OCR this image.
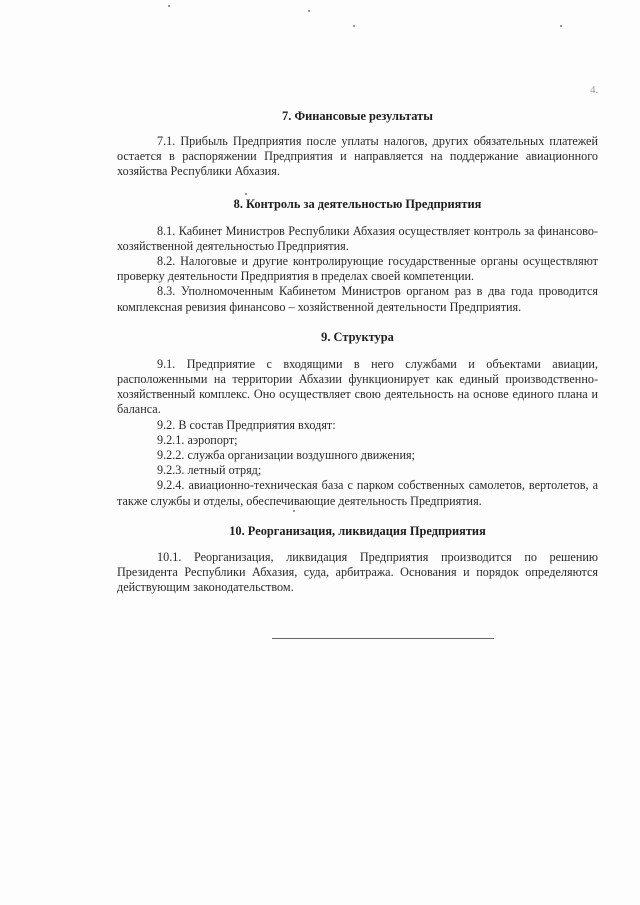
4.
7. Финансовые результаты

7.1. Прибыль Предприятия после уплаты налогов, других обязательных платежей остается в распоряжении Предприятия и направляется на поддержание авиационного хозяйства Республики Абхазия.

8. Контроль за деятельностью Предприятия

8.1. Кабинет Министров Республики Абхазия осуществляет контроль за финансово-хозяйственной деятельностью Предприятия.

8.2. Налоговые и другие контролирующие государственные органы осуществляют проверку деятельности Предприятия в пределах своей компетенции.

8.3. Уполномоченным Кабинетом Министров органом раз в два года проводится комплексная ревизия финансово – хозяйственной деятельности Предприятия.

9. Структура

9.1. Предприятие с входящими в него службами и объектами авиации, расположенными на территории Абхазии функционирует как единый производственно-хозяйственный комплекс. Оно осуществляет свою деятельность на основе единого плана и баланса.

9.2. В состав Предприятия входят:

9.2.1. аэропорт;

9.2.2. служба организации воздушного движения;

9.2.3. летный отряд;

9.2.4. авиационно-техническая база с парком собственных самолетов, вертолетов, а также службы и отделы, обеспечивающие деятельность Предприятия.

10. Реорганизация, ликвидация Предприятия

10.1. Реорганизация, ликвидация Предприятия производится по решению Президента Республики Абхазия, суда, арбитража. Основания и порядок определяются действующим законодательством.
